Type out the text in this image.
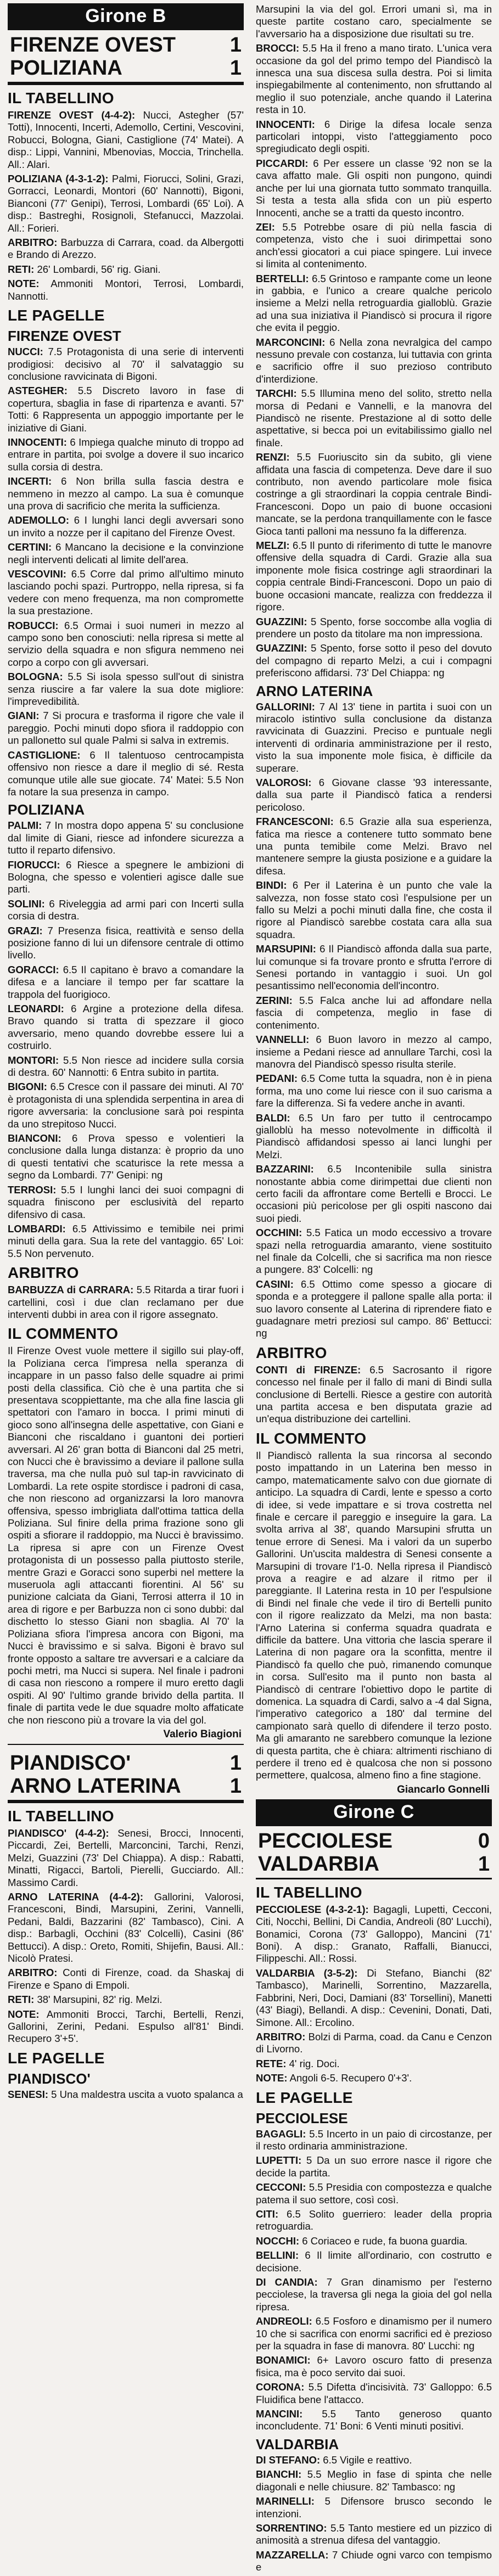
Girone B
FIRENZE OVEST	1
POLIZIANA	1
IL TABELLINO

FIRENZE OVEST (4-4-2): Nucci, Astegher (57' Totti), Innocenti, Incerti, Ademollo, Certini, Vescovini, Robucci, Bologna, Giani, Castiglione (74' Matei). A disp.: Lippi, Vannini, Mbenovias, Moccia, Trinchella. All.: Alari.

POLIZIANA (4-3-1-2): Palmi, Fiorucci, Solini, Grazi, Gorracci, Leonardi, Montori (60' Nannotti), Bigoni, Bianconi (77' Genipi), Terrosi, Lombardi (65' Loi). A disp.: Bastreghi, Rosignoli, Stefanucci, Mazzolai. All.: Forieri.

ARBITRO: Barbuzza di Carrara, coad. da Albergotti e Brando di Arezzo.

RETI: 26' Lombardi, 56' rig. Giani.

NOTE: Ammoniti Montori, Terrosi, Lombardi, Nannotti.

LE PAGELLE
FIRENZE OVEST

NUCCI: 7.5 Protagonista di una serie di interventi prodigiosi: decisivo al 70' il salvataggio su conclusione ravvicinata di Bigoni.

ASTEGHER: 5.5 Discreto lavoro in fase di copertura, sbaglia in fase di ripartenza e avanti. 57' Totti: 6 Rappresenta un appoggio importante per le iniziative di Giani.

INNOCENTI: 6 Impiega qualche minuto di troppo ad entrare in partita, poi svolge a dovere il suo incarico sulla corsia di destra.

INCERTI: 6 Non brilla sulla fascia destra e nemmeno in mezzo al campo. La sua è comunque una prova di sacrificio che merita la sufficienza.

ADEMOLLO: 6 I lunghi lanci degli avversari sono un invito a nozze per il capitano del Firenze Ovest.

CERTINI: 6 Mancano la decisione e la convinzione negli interventi delicati al limite dell'area.

VESCOVINI: 6.5 Corre dal primo all'ultimo minuto lasciando pochi spazi. Purtroppo, nella ripresa, si fa vedere con meno frequenza, ma non compromette la sua prestazione.

ROBUCCI: 6.5 Ormai i suoi numeri in mezzo al campo sono ben conosciuti: nella ripresa si mette al servizio della squadra e non sfigura nemmeno nei corpo a corpo con gli avversari.

BOLOGNA: 5.5 Si isola spesso sull'out di sinistra senza riuscire a far valere la sua dote migliore: l'imprevedibilità.

GIANI: 7 Si procura e trasforma il rigore che vale il pareggio. Pochi minuti dopo sfiora il raddoppio con un pallonetto sul quale Palmi si salva in extremis.

CASTIGLIONE: 6 Il talentuoso centrocampista offensivo non riesce a dare il meglio di sé. Resta comunque utile alle sue giocate. 74' Matei: 5.5 Non fa notare la sua presenza in campo.

POLIZIANA

PALMI: 7 In mostra dopo appena 5' su conclusione dal limite di Giani, riesce ad infondere sicurezza a tutto il reparto difensivo.

FIORUCCI: 6 Riesce a spegnere le ambizioni di Bologna, che spesso e volentieri agisce dalle sue parti.

SOLINI: 6 Riveleggia ad armi pari con Incerti sulla corsia di destra.

GRAZI: 7 Presenza fisica, reattività e senso della posizione fanno di lui un difensore centrale di ottimo livello.

GORACCI: 6.5 Il capitano è bravo a comandare la difesa e a lanciare il tempo per far scattare la trappola del fuorigioco.

LEONARDI: 6 Argine a protezione della difesa. Bravo quando si tratta di spezzare il gioco avversario, meno quando dovrebbe essere lui a costruirlo.

MONTORI: 5.5 Non riesce ad incidere sulla corsia di destra. 60' Nannotti: 6 Entra subito in partita.

BIGONI: 6.5 Cresce con il passare dei minuti. Al 70' è protagonista di una splendida serpentina in area di rigore avversaria: la conclusione sarà poi respinta da uno strepitoso Nucci.

BIANCONI: 6 Prova spesso e volentieri la conclusione dalla lunga distanza: è proprio da uno di questi tentativi che scaturisce la rete messa a segno da Lombardi. 77' Genipi: ng

TERROSI: 5.5 I lunghi lanci dei suoi compagni di squadra finiscono per esclusività del reparto difensivo di casa.

LOMBARDI: 6.5 Attivissimo e temibile nei primi minuti della gara. Sua la rete del vantaggio. 65' Loi: 5.5 Non pervenuto.

ARBITRO

BARBUZZA di CARRARA: 5.5 Ritarda a tirar fuori i cartellini, così i due clan reclamano per due interventi dubbi in area con il rigore assegnato.

IL COMMENTO

Il Firenze Ovest vuole mettere il sigillo sui play-off, la Poliziana cerca l'impresa nella speranza di incappare in un passo falso delle squadre ai primi posti della classifica. Ciò che è una partita che si presentava scoppiettante, ma che alla fine lascia gli spettatori con l'amaro in bocca. I primi minuti di gioco sono all'insegna delle aspettative, con Giani e Bianconi che riscaldano i guantoni dei portieri avversari. Al 26' gran botta di Bianconi dal 25 metri, con Nucci che è bravissimo a deviare il pallone sulla traversa, ma che nulla può sul tap-in ravvicinato di Lombardi. La rete ospite stordisce i padroni di casa, che non riescono ad organizzarsi la loro manovra offensiva, spesso imbrigliata dall'ottima tattica della Poliziana. Sul finire della prima frazione sono gli ospiti a sfiorare il raddoppio, ma Nucci è bravissimo. La ripresa si apre con un Firenze Ovest protagonista di un possesso palla piuttosto sterile, mentre Grazi e Goracci sono superbi nel mettere la museruola agli attaccanti fiorentini. Al 56' su punizione calciata da Giani, Terrosi atterra il 10 in area di rigore e per Barbuzza non ci sono dubbi: dal dischetto lo stesso Giani non sbaglia. Al 70' la Poliziana sfiora l'impresa ancora con Bigoni, ma Nucci è bravissimo e si salva. Bigoni è bravo sul fronte opposto a saltare tre avversari e a calciare da pochi metri, ma Nucci si supera. Nel finale i padroni di casa non riescono a rompere il muro eretto dagli ospiti. Al 90' l'ultimo grande brivido della partita. Il finale di partita vede le due squadre molto affaticate che non riescono più a trovare la via del gol.

Valerio Biagioni
PIANDISCO'	1
ARNO LATERINA 1
IL TABELLINO

PIANDISCO' (4-4-2): Senesi, Brocci, Innocenti, Piccardi, Zei, Bertelli, Marconcini, Tarchi, Renzi, Melzi, Guazzini (73' Del Chiappa). A disp.: Rabatti, Minatti, Rigacci, Bartoli, Pierelli, Gucciardo. All.: Massimo Cardi.

ARNO LATERINA (4-4-2): Gallorini, Valorosi, Francesconi, Bindi, Marsupini, Zerini, Vannelli, Pedani, Baldi, Bazzarini (82' Tambasco), Cini. A disp.: Barbagli, Occhini (83' Colcelli), Casini (86' Bettucci). A disp.: Oreto, Romiti, Shijefin, Bausi. All.: Nicolò Pratesi.

ARBITRO: Conti di Firenze, coad. da Shaskaj di Firenze e Spano di Empoli.

RETI: 38' Marsupini, 82' rig. Melzi.

NOTE: Ammoniti Brocci, Tarchi, Bertelli, Renzi, Gallorini, Zerini, Pedani. Espulso all'81' Bindi. Recupero 3'+5'.

LE PAGELLE
PIANDISCO'

SENESI: 5 Una maldestra uscita a vuoto spalanca a

Marsupini la via del gol. Errori umani sì, ma in queste partite costano caro, specialmente se l'avversario ha a disposizione due risultati su tre.

BROCCI: 5.5 Ha il freno a mano tirato. L'unica vera occasione da gol del primo tempo del Piandiscò la innesca una sua discesa sulla destra. Poi si limita inspiegabilmente al contenimento, non sfruttando al meglio il suo potenziale, anche quando il Laterina resta in 10.

INNOCENTI: 6 Dirige la difesa locale senza particolari intoppi, visto l'atteggiamento poco spregiudicato degli ospiti.

PICCARDI: 6 Per essere un classe '92 non se la cava affatto male. Gli ospiti non pungono, quindi anche per lui una giornata tutto sommato tranquilla. Si testa a testa alla sfida con un più esperto Innocenti, anche se a tratti da questo incontro.

ZEI: 5.5 Potrebbe osare di più nella fascia di competenza, visto che i suoi dirimpettai sono anch'essi giocatori a cui piace spingere. Lui invece si limita al contenimento.

BERTELLI: 6.5 Grintoso e rampante come un leone in gabbia, e l'unico a creare qualche pericolo insieme a Melzi nella retroguardia gialloblù. Grazie ad una sua iniziativa il Piandiscò si procura il rigore che evita il peggio.

MARCONCINI: 6 Nella zona nevralgica del campo nessuno prevale con costanza, lui tuttavia con grinta e sacrificio offre il suo prezioso contributo d'interdizione.

TARCHI: 5.5 Illumina meno del solito, stretto nella morsa di Pedani e Vannelli, e la manovra del Piandiscò ne risente. Prestazione al di sotto delle aspettative, si becca poi un evitabilissimo giallo nel finale.

RENZI: 5.5 Fuoriuscito sin da subito, gli viene affidata una fascia di competenza. Deve dare il suo contributo, non avendo particolare mole fisica costringe a gli straordinari la coppia centrale Bindi-Francesconi. Dopo un paio di buone occasioni mancate, se la perdona tranquillamente con le fasce Gioca tanti palloni ma nessuno fa la differenza.

MELZI: 6.5 Il punto di riferimento di tutte le manovre offensive della squadra di Cardi. Grazie alla sua imponente mole fisica costringe agli straordinari la coppia centrale Bindi-Francesconi. Dopo un paio di buone occasioni mancate, realizza con freddezza il rigore.

GUAZZINI: 5 Spento, forse soccombe alla voglia di prendere un posto da titolare ma non impressiona.

GUAZZINI: 5 Spento, forse sotto il peso del dovuto del compagno di reparto Melzi, a cui i compagni preferiscono affidarsi. 73' Del Chiappa: ng

ARNO LATERINA

GALLORINI: 7 Al 13' tiene in partita i suoi con un miracolo istintivo sulla conclusione da distanza ravvicinata di Guazzini. Preciso e puntuale negli interventi di ordinaria amministrazione per il resto, visto la sua imponente mole fisica, è difficile da superare.

VALOROSI: 6 Giovane classe '93 interessante, dalla sua parte il Piandiscò fatica a rendersi pericoloso.

FRANCESCONI: 6.5 Grazie alla sua esperienza, fatica ma riesce a contenere tutto sommato bene una punta temibile come Melzi. Bravo nel mantenere sempre la giusta posizione e a guidare la difesa.

BINDI: 6 Per il Laterina è un punto che vale la salvezza, non fosse stato così l'espulsione per un fallo su Melzi a pochi minuti dalla fine, che costa il rigore al Piandiscò sarebbe costata cara alla sua squadra.

MARSUPINI: 6 Il Piandiscò affonda dalla sua parte, lui comunque si fa trovare pronto e sfrutta l'errore di Senesi portando in vantaggio i suoi. Un gol pesantissimo nell'economia dell'incontro.

ZERINI: 5.5 Falca anche lui ad affondare nella fascia di competenza, meglio in fase di contenimento.

VANNELLI: 6 Buon lavoro in mezzo al campo, insieme a Pedani riesce ad annullare Tarchi, così la manovra del Piandiscò spesso risulta sterile.

PEDANI: 6.5 Come tutta la squadra, non è in piena forma, ma uno come lui riesce con il suo carisma a fare la differenza. Si fa vedere anche in avanti.

BALDI: 6.5 Un faro per tutto il centrocampo gialloblù ha messo notevolmente in difficoltà il Piandiscò affidandosi spesso ai lanci lunghi per Melzi.

BAZZARINI: 6.5 Incontenibile sulla sinistra nonostante abbia come dirimpettai due clienti non certo facili da affrontare come Bertelli e Brocci. Le occasioni più pericolose per gli ospiti nascono dai suoi piedi.

OCCHINI: 5.5 Fatica un modo eccessivo a trovare spazi nella retroguardia amaranto, viene sostituito nel finale da Colcelli, che si sacrifica ma non riesce a pungere. 83' Colcelli: ng

CASINI: 6.5 Ottimo come spesso a giocare di sponda e a proteggere il pallone spalle alla porta: il suo lavoro consente al Laterina di riprendere fiato e guadagnare metri preziosi sul campo. 86' Bettucci: ng

ARBITRO

CONTI di FIRENZE: 6.5 Sacrosanto il rigore concesso nel finale per il fallo di mani di Bindi sulla conclusione di Bertelli. Riesce a gestire con autorità una partita accesa e ben disputata grazie ad un'equa distribuzione dei cartellini.

IL COMMENTO

Il Piandiscò rallenta la sua rincorsa al secondo posto impattando in un Laterina ben messo in campo, matematicamente salvo con due giornate di anticipo. La squadra di Cardi, lente e spesso a corto di idee, si vede impattare e si trova costretta nel finale e cercare il pareggio e inseguire la gara. La svolta arriva al 38', quando Marsupini sfrutta un tenue errore di Senesi. Ma i valori da un superbo Gallorini. Un'uscita maldestra di Senesi consente a Marsupini di trovare l'1-0. Nella ripresa il Piandiscò prova a reagire e ad alzare il ritmo per il pareggiante. Il Laterina resta in 10 per l'espulsione di Bindi nel finale che vede il tiro di Bertelli punito con il rigore realizzato da Melzi, ma non basta: l'Arno Laterina si conferma squadra quadrata e difficile da battere. Una vittoria che lascia sperare il Laterina di non pagare ora la sconfitta, mentre il Piandiscò fa quello che può, rimanendo comunque in corsa. Sull'esito ma il punto non basta al Piandiscò di centrare l'obiettivo dopo le partite di domenica. La squadra di Cardi, salvo a -4 dal Signa, l'imperativo categorico a 180' dal termine del campionato sarà quello di difendere il terzo posto. Ma gli amaranto ne sarebbero comunque la lezione di questa partita, che è chiara: altrimenti rischiano di perdere il treno ed è qualcosa che non si possono permettere, qualcosa, almeno fino a fine stagione.

Giancarlo Gonnelli
Girone C
PECCIOLESE	0
VALDARBIA	1
IL TABELLINO

PECCIOLESE (4-3-2-1): Bagagli, Lupetti, Cecconi, Citi, Nocchi, Bellini, Di Candia, Andreoli (80' Lucchi), Bonamici, Corona (73' Galloppo), Mancini (71' Boni). A disp.: Granato, Raffalli, Bianucci, Filippeschi. All.: Rossi.

VALDARBIA (3-5-2): Di Stefano, Bianchi (82' Tambasco), Marinelli, Sorrentino, Mazzarella, Fabbrini, Neri, Doci, Damiani (83' Torsellini), Manetti (43' Biagi), Bellandi. A disp.: Cevenini, Donati, Dati, Simone. All.: Ercolino.

ARBITRO: Bolzi di Parma, coad. da Canu e Cenzon di Livorno.

RETE: 4' rig. Doci.

NOTE: Angoli 6-5. Recupero 0'+3'.

LE PAGELLE
PECCIOLESE

BAGAGLI: 5.5 Incerto in un paio di circostanze, per il resto ordinaria amministrazione.

LUPETTI: 5 Da un suo errore nasce il rigore che decide la partita.

CECCONI: 5.5 Presidia con compostezza e qualche patema il suo settore, così così.

CITI: 6.5 Solito guerriero: leader della propria retroguardia.

NOCCHI: 6 Coriaceo e rude, fa buona guardia.

BELLINI: 6 Il limite all'ordinario, con costrutto e decisione.

DI CANDIA: 7 Gran dinamismo per l'esterno pecciolese, la traversa gli nega la gioia del gol nella ripresa.

ANDREOLI: 6.5 Fosforo e dinamismo per il numero 10 che si sacrifica con enormi sacrifici ed è prezioso per la squadra in fase di manovra. 80' Lucchi: ng

BONAMICI: 6+ Lavoro oscuro fatto di presenza fisica, ma è poco servito dai suoi.

CORONA: 5.5 Difetta d'incisività. 73' Galloppo: 6.5 Fluidifica bene l'attacco.

MANCINI: 5.5 Tanto generoso quanto inconcludente. 71' Boni: 6 Venti minuti positivi.

VALDARBIA

DI STEFANO: 6.5 Vigile e reattivo.

BIANCHI: 5.5 Meglio in fase di spinta che nelle diagonali e nelle chiusure. 82' Tambasco: ng

MARINELLI: 5 Difensore brusco secondo le intenzioni.

SORRENTINO: 5.5 Tanto mestiere ed un pizzico di animosità a strenua difesa del vantaggio.

MAZZARELLA: 7 Chiude ogni varco con tempismo e
